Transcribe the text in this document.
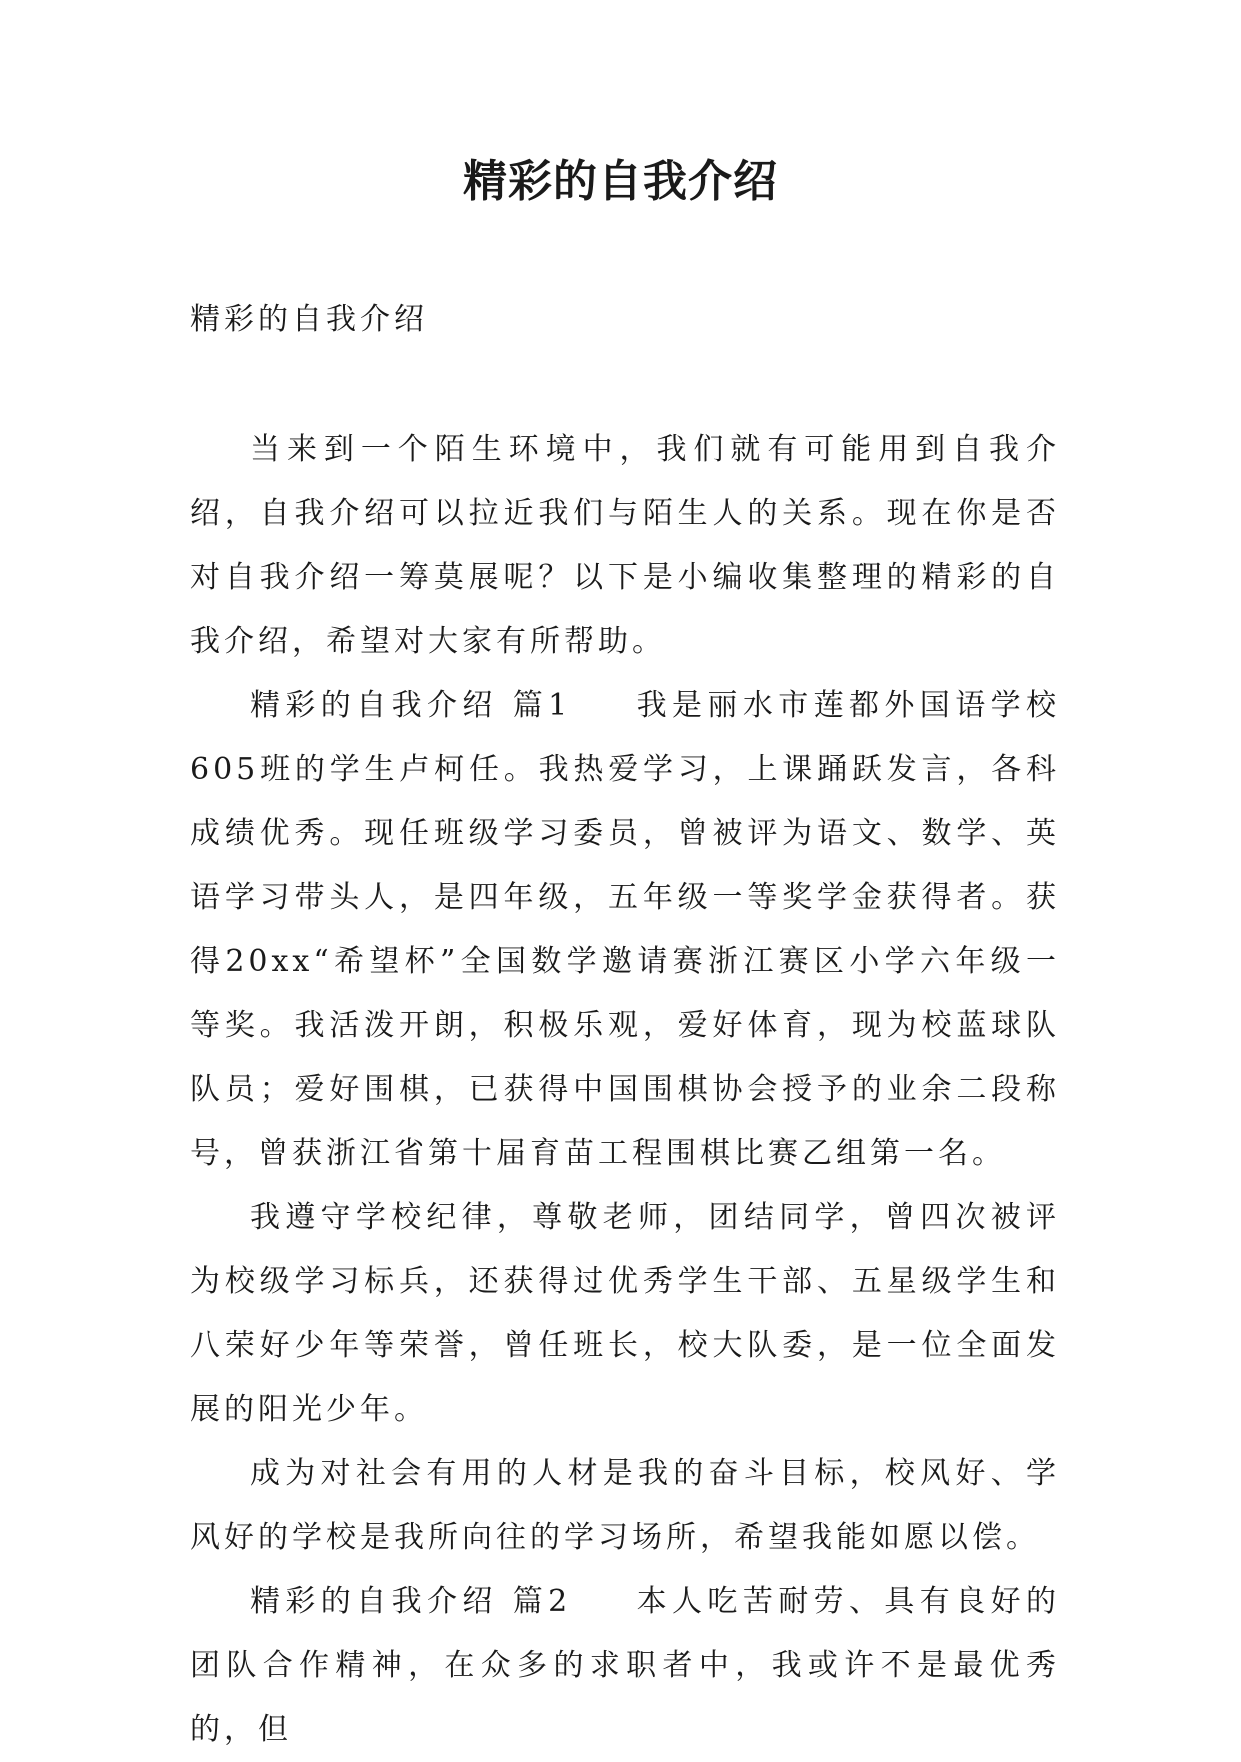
精彩的自我介绍

精彩的自我介绍

当来到一个陌生环境中，我们就有可能用到自我介绍，自我介绍可以拉近我们与陌生人的关系。现在你是否对自我介绍一筹莫展呢？以下是小编收集整理的精彩的自我介绍，希望对大家有所帮助。

精彩的自我介绍 篇1 我是丽水市莲都外国语学校605班的学生卢柯任。我热爱学习，上课踊跃发言，各科成绩优秀。现任班级学习委员，曾被评为语文、数学、英语学习带头人，是四年级，五年级一等奖学金获得者。获得20xx“希望杯”全国数学邀请赛浙江赛区小学六年级一等奖。我活泼开朗，积极乐观，爱好体育，现为校蓝球队队员；爱好围棋，已获得中国围棋协会授予的业余二段称号，曾获浙江省第十届育苗工程围棋比赛乙组第一名。

我遵守学校纪律，尊敬老师，团结同学，曾四次被评为校级学习标兵，还获得过优秀学生干部、五星级学生和八荣好少年等荣誉，曾任班长，校大队委，是一位全面发展的阳光少年。

成为对社会有用的人材是我的奋斗目标，校风好、学风好的学校是我所向往的学习场所，希望我能如愿以偿。

精彩的自我介绍 篇2 本人吃苦耐劳、具有良好的团队合作精神，在众多的求职者中，我或许不是最优秀的，但
